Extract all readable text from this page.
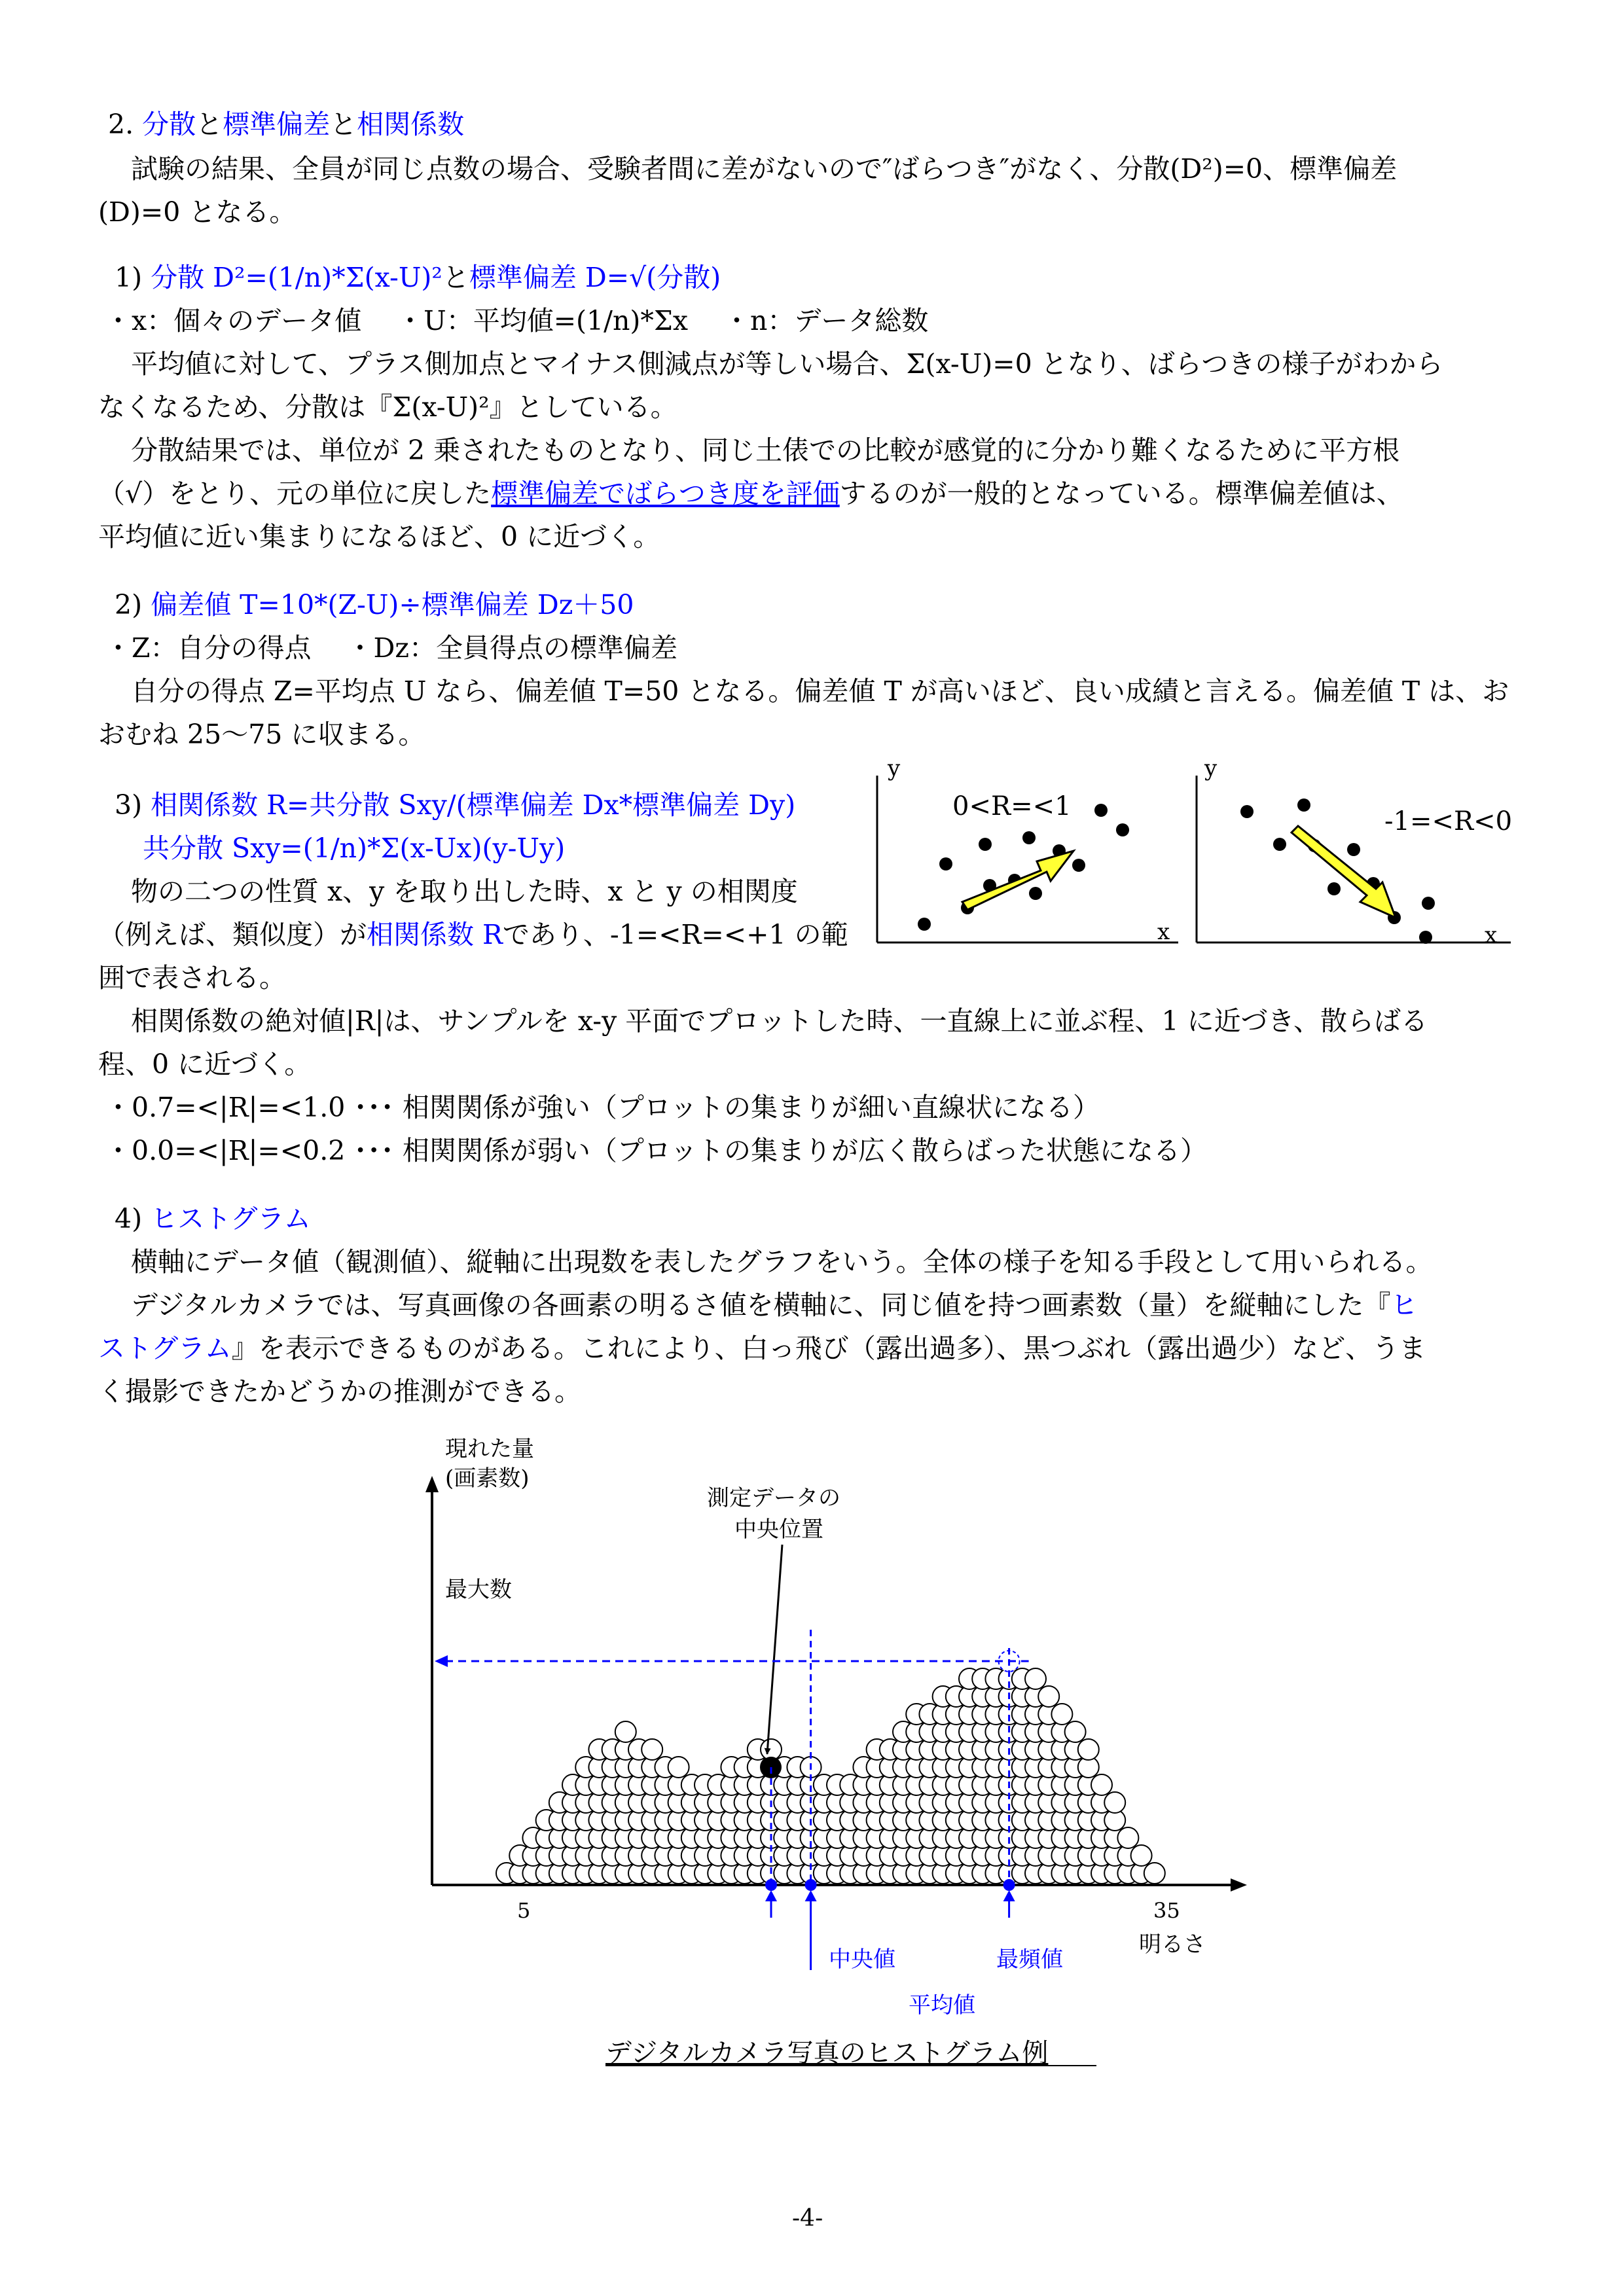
2. 分散と標準偏差と相関係数
試験の結果、全員が同じ点数の場合、受験者間に差がないので″ばらつき″がなく、分散(D²)=0、標準偏差
(D)=0 となる。
1) 分散 D²=(1/n)*Σ(x-U)²と標準偏差 D=√(分散)
・x：個々のデータ値　 ・U：平均値=(1/n)*Σx　 ・n：データ総数
平均値に対して、プラス側加点とマイナス側減点が等しい場合、Σ(x-U)=0 となり、ばらつきの様子がわから
なくなるため、分散は『Σ(x-U)²』としている。
分散結果では、単位が 2 乗されたものとなり、同じ土俵での比較が感覚的に分かり難くなるために平方根
（√）をとり、元の単位に戻した標準偏差でばらつき度を評価するのが一般的となっている。標準偏差値は、
平均値に近い集まりになるほど、0 に近づく。
2) 偏差値 T=10*(Z-U)÷標準偏差 Dz＋50
・Z：自分の得点　 ・Dz：全員得点の標準偏差
自分の得点 Z=平均点 U なら、偏差値 T=50 となる。偏差値 T が高いほど、良い成績と言える。偏差値 T は、お
おむね 25～75 に収まる。
3) 相関係数 R=共分散 Sxy/(標準偏差 Dx*標準偏差 Dy)
共分散 Sxy=(1/n)*Σ(x-Ux)(y-Uy)
物の二つの性質 x、y を取り出した時、x と y の相関度
（例えば、類似度）が相関係数 Rであり、-1=<R=<+1 の範
囲で表される。
y
x
0<R=<1
y
x
-1=<R<0
相関係数の絶対値|R|は、サンプルを x-y 平面でプロットした時、一直線上に並ぶ程、1 に近づき、散らばる
程、0 に近づく。
・0.7=<|R|=<1.0 ･･･ 相関関係が強い（プロットの集まりが細い直線状になる）
・0.0=<|R|=<0.2 ･･･ 相関関係が弱い（プロットの集まりが広く散らばった状態になる）
4) ヒストグラム
横軸にデータ値（観測値）、縦軸に出現数を表したグラフをいう。全体の様子を知る手段として用いられる。
デジタルカメラでは、写真画像の各画素の明るさ値を横軸に、同じ値を持つ画素数（量）を縦軸にした『ヒ
ストグラム』を表示できるものがある。これにより、白っ飛び（露出過多）、黒つぶれ（露出過少）など、うま
く撮影できたかどうかの推測ができる。
現れた量
(画素数)
最大数
測定データの
中央位置
5	35
明るさ
中央値	最頻値
平均値
デジタルカメラ写真のヒストグラム例
-4-
